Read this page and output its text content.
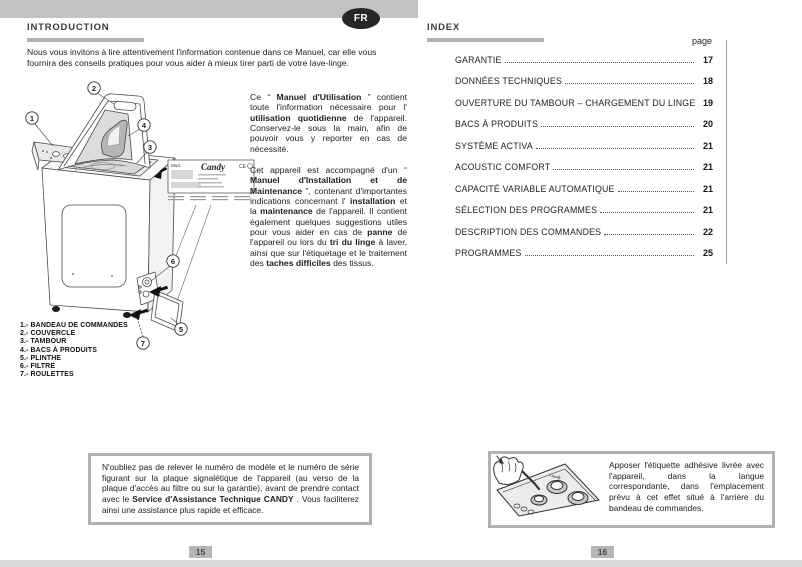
FR
INTRODUCTION
Nous vous invitons à lire attentivement l'information contenue dans ce Manuel, car elle vous fournira des conseils pratiques pour vous aider à mieux tirer parti de votre lave-linge.
Mod. Candy	CE
1
2
3
4
5
6
7

Ce “ Manuel d'Utilisation ” contient toute l'information nécessaire pour l' utilisation quotidienne de l'appareil. Conservez-le sous la main, afin de pouvoir vous y reporter en cas de nécessité.

Cet appareil est accompagné d'un “ Manuel d'Installation et de Maintenance ”, contenant d'importantes indications concernant l' installation et la maintenance de l'appareil. Il contient également quelques suggestions utiles pour vous aider en cas de panne de l'appareil ou lors du tri du linge à laver, ainsi que sur l'étiquetage et le traitement des taches difficiles des tissus.

1.- BANDEAU DE COMMANDES
2.- COUVERCLE
3.- TAMBOUR
4.- BACS À PRODUITS
5.- PLINTHE
6.- FILTRE
7.- ROULETTES
N'oubliez pas de relever le numéro de modèle et le numéro de série figurant sur la plaque signalétique de l'appareil (au verso de la plaque d'accès au filtre ou sur la garantie), avant de prendre contact avec le Service d'Assistance Technique CANDY . Vous faciliterez ainsi une assistance plus rapide et efficace.
15
INDEX
page
GARANTIE	17
DONNÉES TECHNIQUES	18
OUVERTURE DU TAMBOUR – CHARGEMENT DU LINGE 19
BACS À PRODUITS	20
SYSTÈME ACTIVA	21
ACOUSTIC COMFORT	21
CAPACITÉ VARIABLE AUTOMATIQUE	21
SÉLECTION DES PROGRAMMES	21
DESCRIPTION DES COMMANDES	22
PROGRAMMES	25
Candy
Apposer l'étiquette adhésive livrée avec l'appareil, dans la langue correspondante, dans l'emplacement prévu à cet effet situé à l'arrière du bandeau de commandes.
16
